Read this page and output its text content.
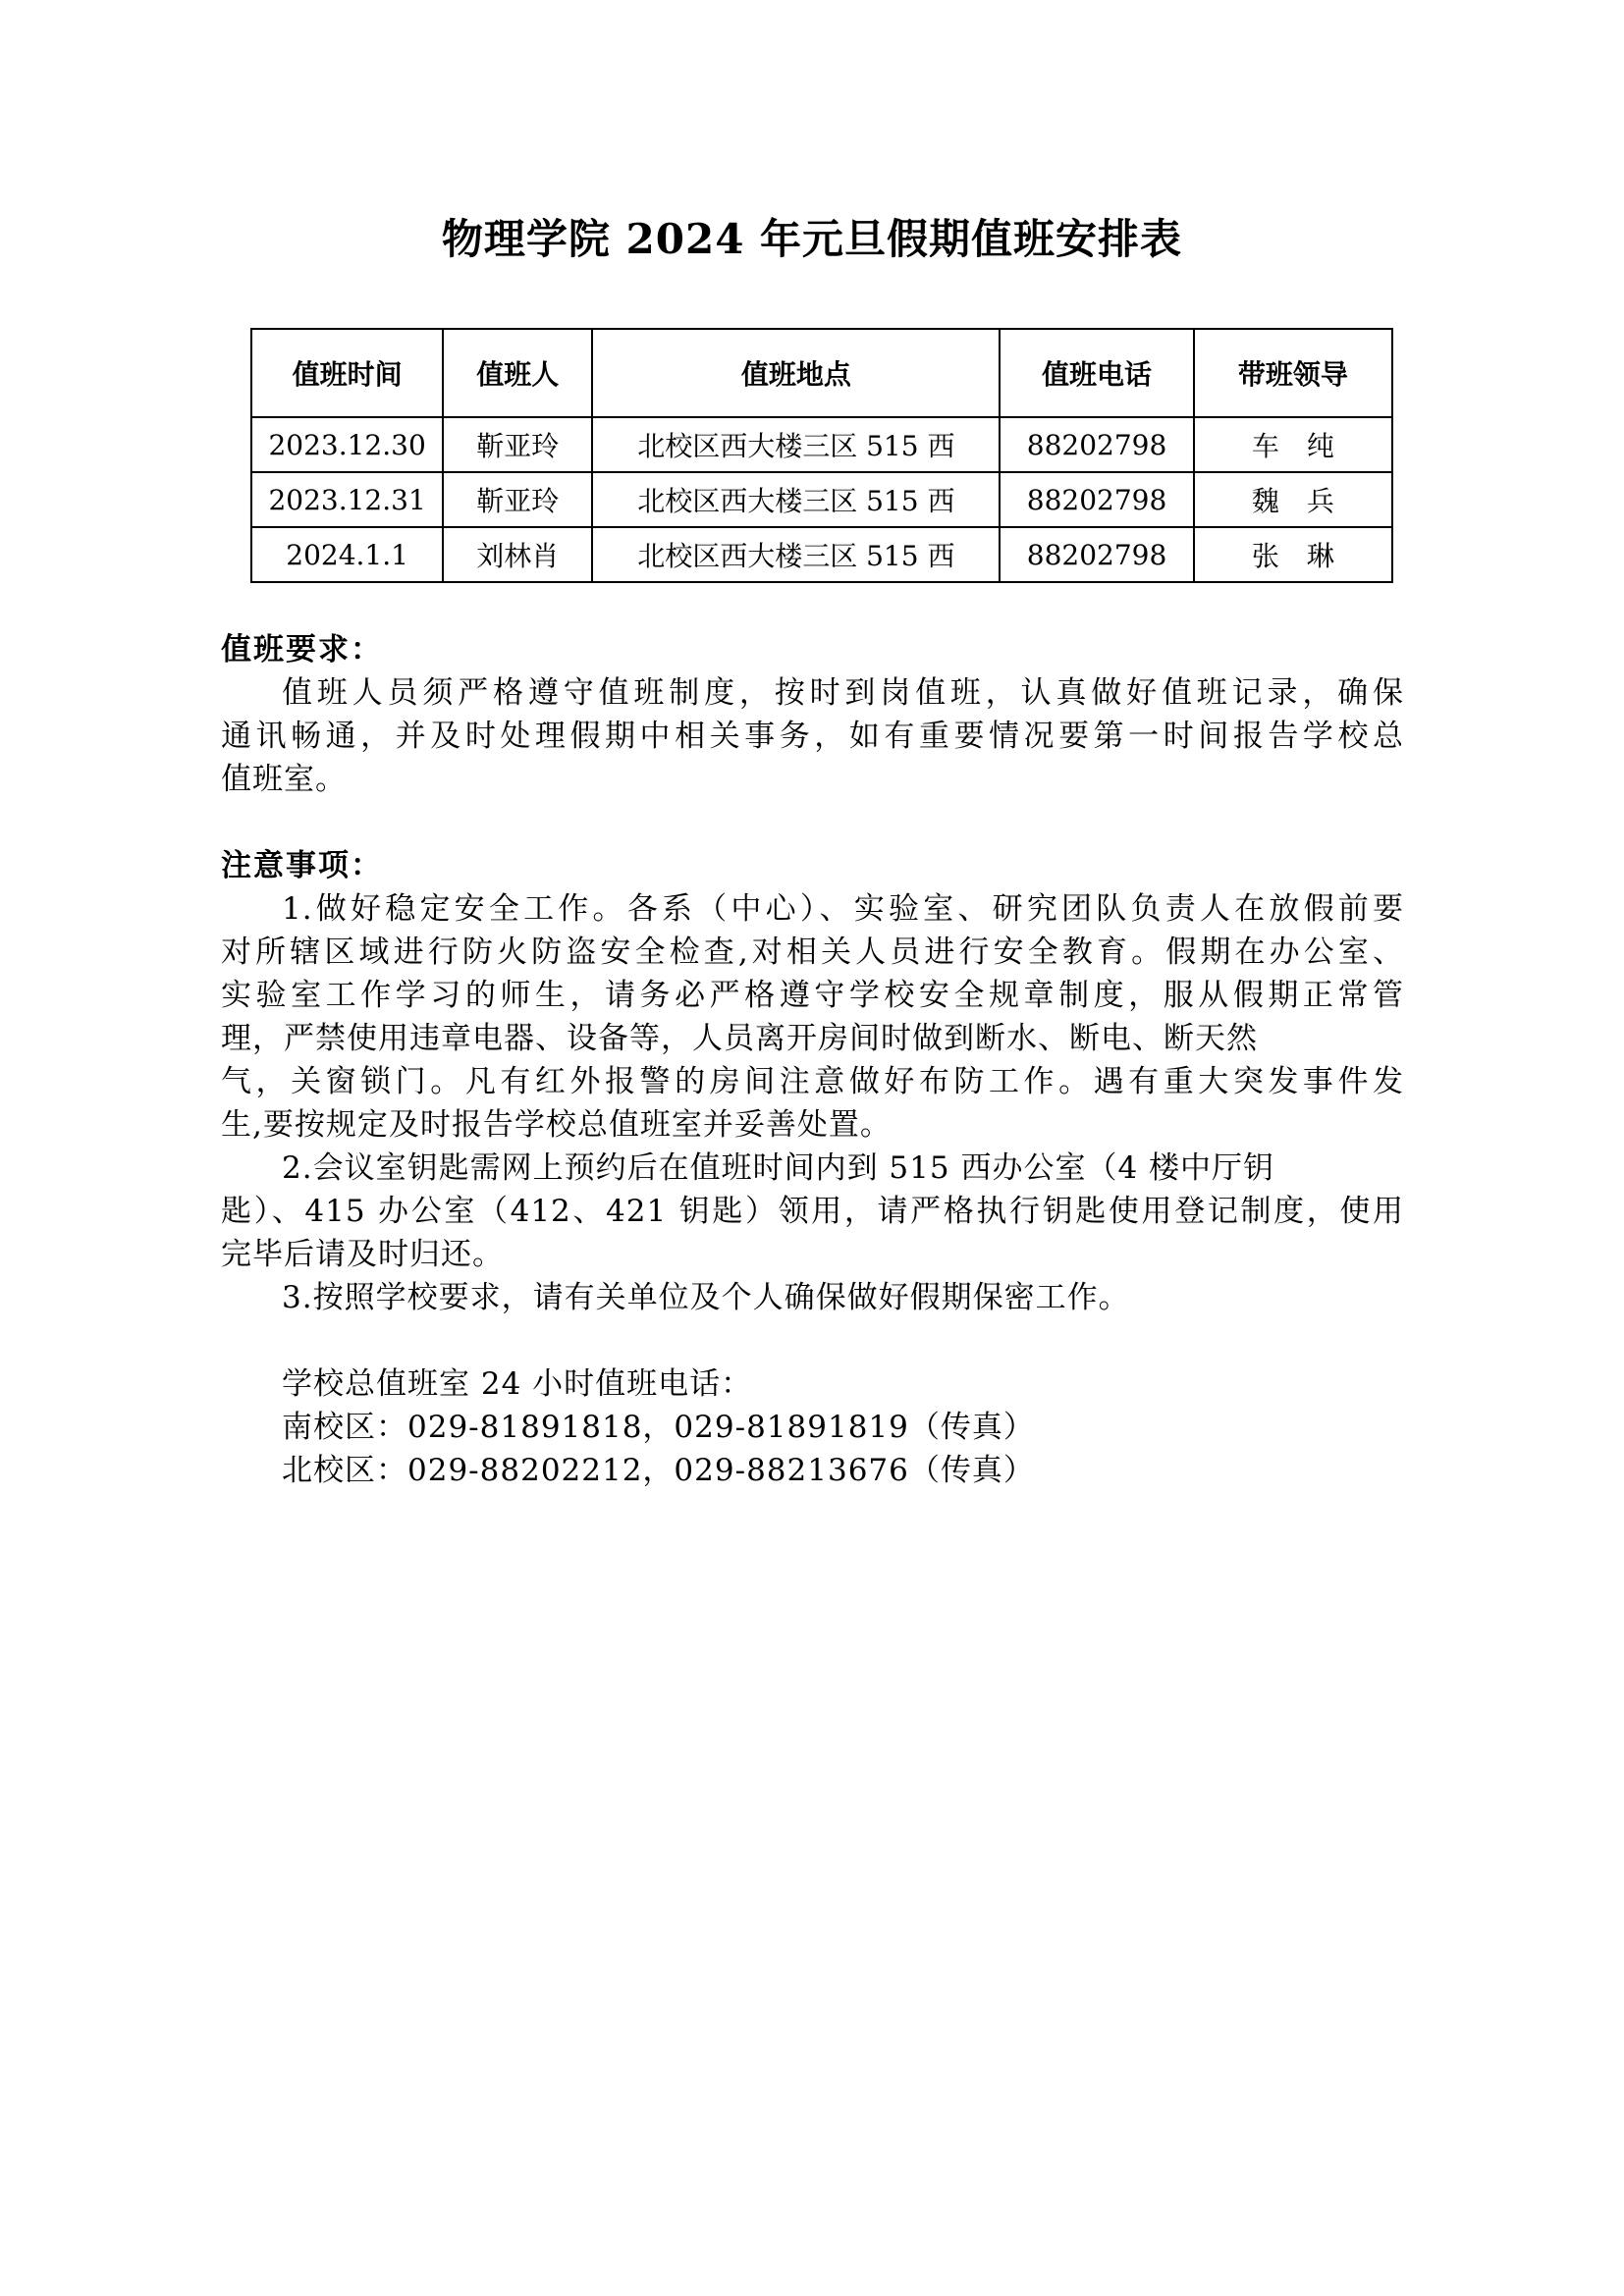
物理学院 2024 年元旦假期值班安排表
值班时间	值班人	值班地点	值班电话	带班领导
2023.12.30	靳亚玲	北校区西大楼三区 515 西	88202798	车　纯
2023.12.31	靳亚玲	北校区西大楼三区 515 西	88202798	魏　兵
2024.1.1	刘林肖	北校区西大楼三区 515 西	88202798	张　琳
值班要求：
值班人员须严格遵守值班制度，按时到岗值班，认真做好值班记录，确保
通讯畅通，并及时处理假期中相关事务，如有重要情况要第一时间报告学校总
值班室。
注意事项：
1.做好稳定安全工作。各系（中心）、实验室、研究团队负责人在放假前要
对所辖区域进行防火防盗安全检查,对相关人员进行安全教育。假期在办公室、
实验室工作学习的师生，请务必严格遵守学校安全规章制度，服从假期正常管
理，严禁使用违章电器、设备等，人员离开房间时做到断水、断电、断天然
气，关窗锁门。凡有红外报警的房间注意做好布防工作。遇有重大突发事件发
生,要按规定及时报告学校总值班室并妥善处置。
2.会议室钥匙需网上预约后在值班时间内到 515 西办公室（4 楼中厅钥
匙）、415 办公室（412、421 钥匙）领用，请严格执行钥匙使用登记制度，使用
完毕后请及时归还。
3.按照学校要求，请有关单位及个人确保做好假期保密工作。
学校总值班室 24 小时值班电话：
南校区：029-81891818，029-81891819（传真）
北校区：029-88202212，029-88213676（传真）
